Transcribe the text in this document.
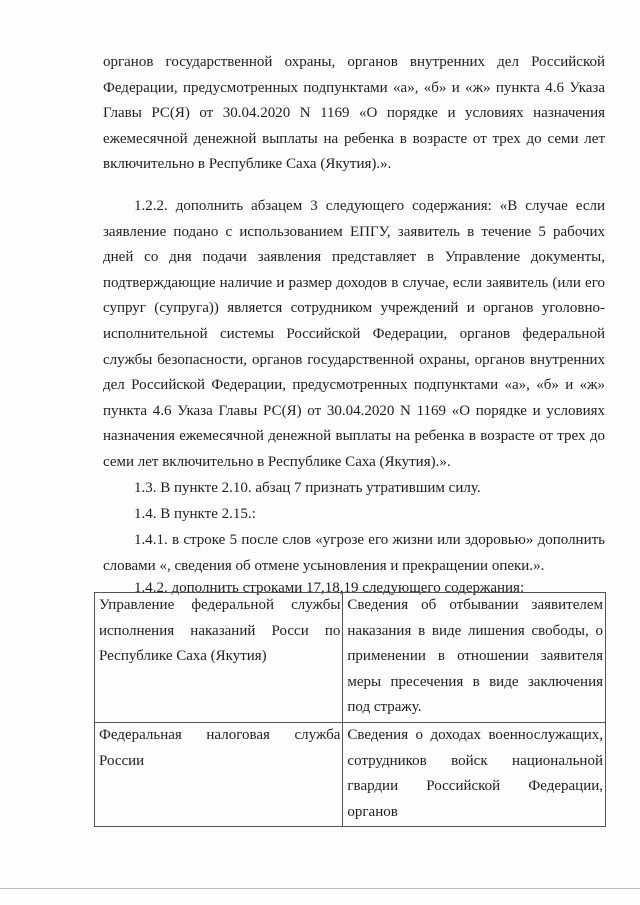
органов государственной охраны, органов внутренних дел Российской Федерации, предусмотренных подпунктами «а», «б» и «ж» пункта 4.6 Указа Главы РС(Я) от 30.04.2020 N 1169 «О порядке и условиях назначения ежемесячной денежной выплаты на ребенка в возрасте от трех до семи лет включительно в Республике Саха (Якутия).».

1.2.2. дополнить абзацем 3 следующего содержания: «В случае если заявление подано с использованием ЕПГУ, заявитель в течение 5 рабочих дней со дня подачи заявления представляет в Управление документы, подтверждающие наличие и размер доходов в случае, если заявитель (или его супруг (супруга)) является сотрудником учреждений и органов уголовно-исполнительной системы Российской Федерации, органов федеральной службы безопасности, органов государственной охраны, органов внутренних дел Российской Федерации, предусмотренных подпунктами «а», «б» и «ж» пункта 4.6 Указа Главы РС(Я) от 30.04.2020 N 1169 «О порядке и условиях назначения ежемесячной денежной выплаты на ребенка в возрасте от трех до семи лет включительно в Республике Саха (Якутия).».

1.3. В пункте 2.10. абзац 7 признать утратившим силу.

1.4. В пункте 2.15.:

1.4.1. в строке 5 после слов «угрозе его жизни или здоровью» дополнить словами «, сведения об отмене усыновления и прекращении опеки.».

1.4.2. дополнить строками 17,18,19 следующего содержания:

Управление федеральной службы исполнения наказаний Росси по Республике Саха (Якутия)	Сведения об отбывании заявителем наказания в виде лишения свободы, о применении в отношении заявителя меры пресечения в виде заключения под стражу.
Федеральная налоговая служба России	Сведения о доходах военнослужащих, сотрудников войск национальной гвардии Российской Федерации, органов
